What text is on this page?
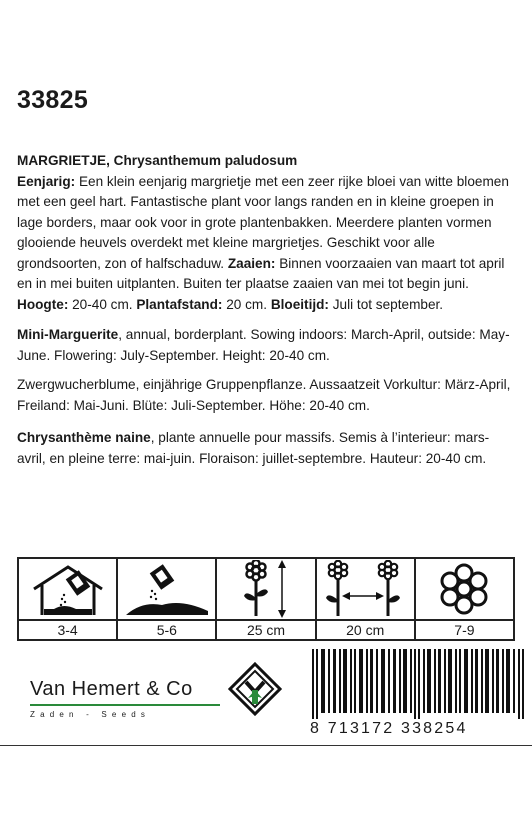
33825
MARGRIETJE, Chrysanthemum paludosum
Eenjarig: Een klein eenjarig margrietje met een zeer rijke bloei van witte bloemen met een geel hart. Fantastische plant voor langs randen en in kleine groepen in lage borders, maar ook voor in grote plantenbakken. Meerdere planten vormen glooiende heuvels overdekt met kleine margrietjes. Geschikt voor alle grondsoorten, zon of halfschaduw. Zaaien: Binnen voorzaaien van maart tot april en in mei buiten uitplanten. Buiten ter plaatse zaaien van mei tot begin juni. Hoogte: 20-40 cm. Plantafstand: 20 cm. Bloeitijd: Juli tot september.
Mini-Marguerite, annual, borderplant. Sowing indoors: March-April, outside: May-June. Flowering: July-September. Height: 20-40 cm.
Zwergwucherblume, einjährige Gruppenpflanze. Aussaatzeit Vorkultur: März-April, Freiland: Mai-Juni. Blüte: Juli-September. Höhe: 20-40 cm.
Chrysanthème naine, plante annuelle pour massifs. Semis à l’interieur: mars-avril, en pleine terre: mai-juin. Floraison: juillet-septembre. Hauteur: 20-40 cm.
3-4	5-6	25 cm	20 cm	7-9
Van Hemert & Co
Zaden - Seeds
8 713172 338254
